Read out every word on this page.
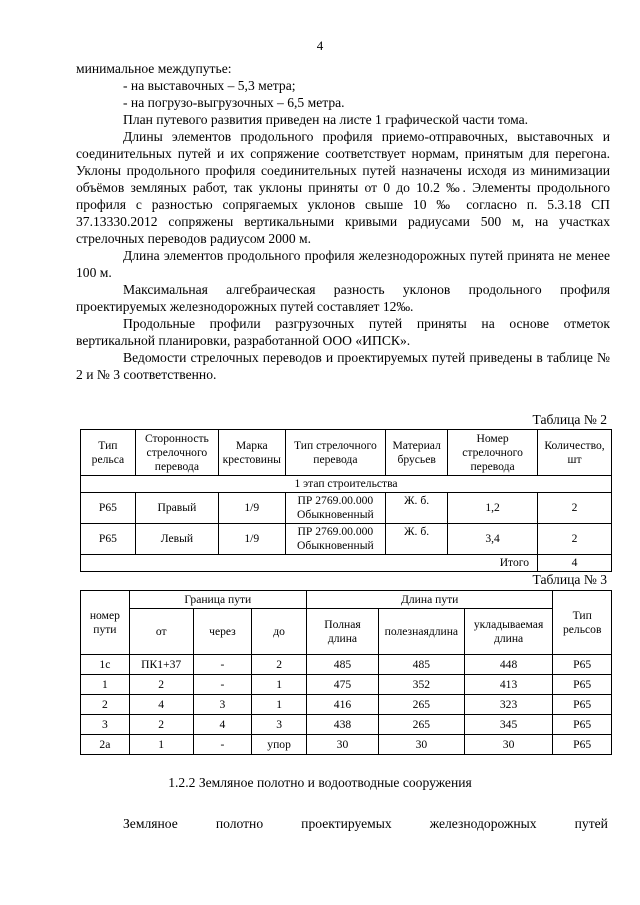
4

минимальное междупутье:

- на выставочных – 5,3 метра;

- на погрузо-выгрузочных – 6,5 метра.

План путевого развития приведен на листе 1 графической части тома.

Длины элементов продольного профиля приемо-отправочных, выставочных и соединительных путей и их сопряжение соответствует нормам, принятым для перегона. Уклоны продольного профиля соединительных путей назначены исходя из минимизации объёмов земляных работ, так уклоны приняты от 0 до 10.2 ‰. Элементы продольного профиля с разностью сопрягаемых уклонов свыше 10 ‰ согласно п. 5.3.18 СП 37.13330.2012 сопряжены вертикальными кривыми радиусами 500 м, на участках стрелочных переводов радиусом 2000 м.

Длина элементов продольного профиля железнодорожных путей принята не менее 100 м.

Максимальная алгебраическая разность уклонов продольного профиля проектируемых железнодорожных путей составляет 12‰.

Продольные профили разгрузочных путей приняты на основе отметок вертикальной планировки, разработанной ООО «ИПСК».

Ведомости стрелочных переводов и проектируемых путей приведены в таблице № 2 и № 3 соответственно.

Таблица № 2
Тип рельса	Сторонность стрелочного перевода	Марка крестовины	Тип стрелочного перевода	Материал брусьев	Номер стрелочного перевода	Количество, шт
1 этап строительства						
Р65	Правый	1/9	ПР 2769.00.000 Обыкновенный	Ж. б.	1,2	2
Р65	Левый	1/9	ПР 2769.00.000 Обыкновенный	Ж. б.	3,4	2
Итого						4
Таблица № 3
номер пути	Граница пути			Длина пути			Тип рельсов
	от	через	до	Полная длина	полезнаядлина	укладываемая длина	
1с	ПК1+37	-	2	485	485	448	Р65
1	2	-	1	475	352	413	Р65
2	4	3	1	416	265	323	Р65
3	2	4	3	438	265	345	Р65
2а	1	-	упор	30	30	30	Р65
1.2.2 Земляное полотно и водоотводные сооружения
Земляное	полотно	проектируемых	железнодорожных	путей
